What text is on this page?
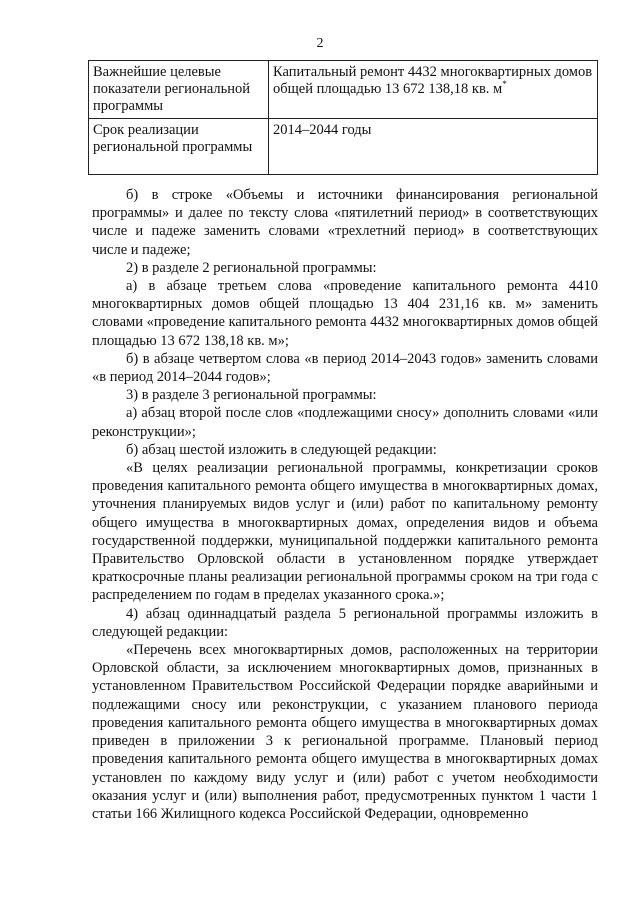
2
Важнейшие целевые показатели региональной программы	Капитальный ремонт 4432 многоквартирных домов общей площадью 13 672 138,18 кв. м*
Срок реализации региональной программы	2014–2044 годы

б) в строке «Объемы и источники финансирования региональной программы» и далее по тексту слова «пятилетний период» в соответствующих числе и падеже заменить словами «трехлетний период» в соответствующих числе и падеже;

2) в разделе 2 региональной программы:

а) в абзаце третьем слова «проведение капитального ремонта 4410 многоквартирных домов общей площадью 13 404 231,16 кв. м» заменить словами «проведение капитального ремонта 4432 многоквартирных домов общей площадью 13 672 138,18 кв. м»;

б) в абзаце четвертом слова «в период 2014–2043 годов» заменить словами «в период 2014–2044 годов»;

3) в разделе 3 региональной программы:

а) абзац второй после слов «подлежащими сносу» дополнить словами «или реконструкции»;

б) абзац шестой изложить в следующей редакции:

«В целях реализации региональной программы, конкретизации сроков проведения капитального ремонта общего имущества в многоквартирных домах, уточнения планируемых видов услуг и (или) работ по капитальному ремонту общего имущества в многоквартирных домах, определения видов и объема государственной поддержки, муниципальной поддержки капитального ремонта Правительство Орловской области в установленном порядке утверждает краткосрочные планы реализации региональной программы сроком на три года с распределением по годам в пределах указанного срока.»;

4) абзац одиннадцатый раздела 5 региональной программы изложить в следующей редакции:

«Перечень всех многоквартирных домов, расположенных на территории Орловской области, за исключением многоквартирных домов, признанных в установленном Правительством Российской Федерации порядке аварийными и подлежащими сносу или реконструкции, с указанием планового периода проведения капитального ремонта общего имущества в многоквартирных домах приведен в приложении 3 к региональной программе. Плановый период проведения капитального ремонта общего имущества в многоквартирных домах установлен по каждому виду услуг и (или) работ с учетом необходимости оказания услуг и (или) выполнения работ, предусмотренных пунктом 1 части 1 статьи 166 Жилищного кодекса Российской Федерации, одновременно
